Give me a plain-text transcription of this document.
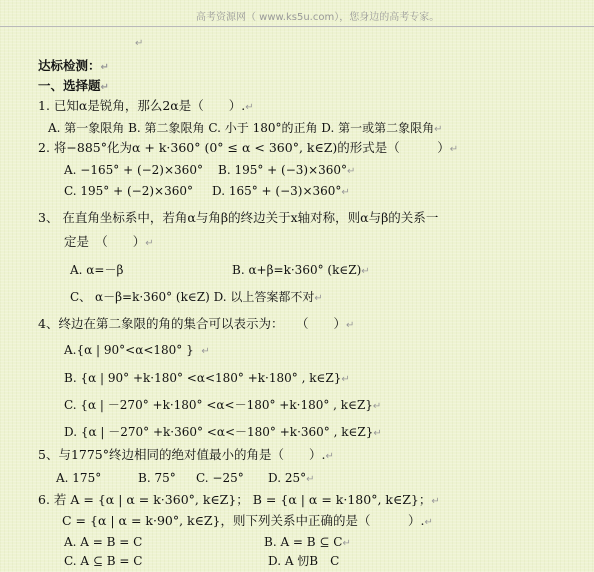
高考资源网（ www.ks5u.com），您身边的高考专家。
↵
达标检测：↵
一、选择题↵
1. 已知α是锐角，那么2α是（　　）.↵
A. 第一象限角 B. 第二象限角 C. 小于 180°的正角 D. 第一或第二象限角↵
2. 将−885°化为α + k·360° (0° ≤ α < 360°, k∈Z)的形式是（　　　）↵
A. −165° + (−2)×360° B. 195° + (−3)×360°↵
C. 195° + (−2)×360° D. 165° + (−3)×360°↵
3、 在直角坐标系中，若角α与角β的终边关于x轴对称，则α与β的关系一
定是　（　　）↵
A. α=－β	B. α+β=k·360° (k∈Z)↵
C、 α－β=k·360° (k∈Z) D. 以上答案都不对↵
4、终边在第二象限的角的集合可以表示为：　　（　　）↵
A.{α | 90°<α<180° } ↵
B. {α | 90° +k·180° <α<180° +k·180° , k∈Z}↵
C. {α | －270° +k·180° <α<－180° +k·180° , k∈Z}↵
D. {α | －270° +k·360° <α<－180° +k·360° , k∈Z}↵
5、与1775°终边相同的绝对值最小的角是（　　）.↵
A. 175°	B. 75° C. −25° D. 25°↵
6. 若 A = {α | α = k·360°, k∈Z}； B = {α | α = k·180°, k∈Z}；↵
C = {α | α = k·90°, k∈Z}，则下列关系中正确的是（　　　）.↵
A. A = B = C	B. A = B ⊆ C↵
C. A ⊆ B = C	D. A 㣼B　C
